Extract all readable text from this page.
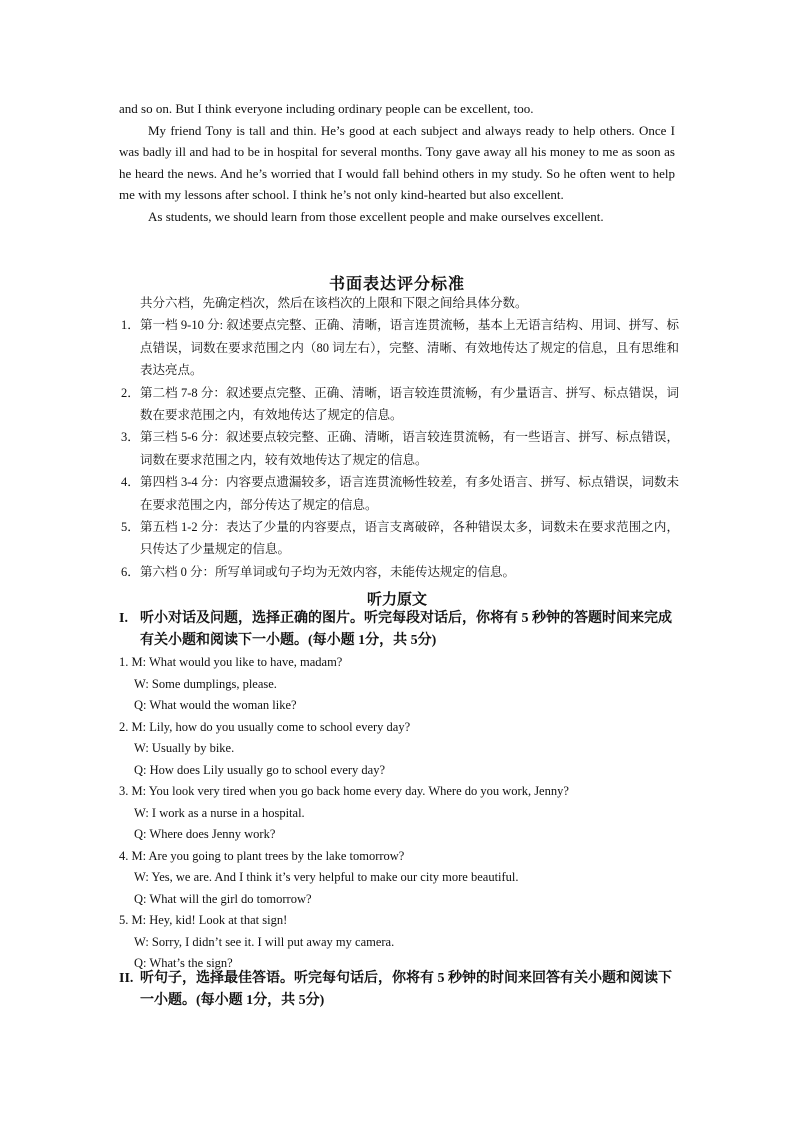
and so on. But I think everyone including ordinary people can be excellent, too.

My friend Tony is tall and thin. He’s good at each subject and always ready to help others. Once I was badly ill and had to be in hospital for several months. Tony gave away all his money to me as soon as he heard the news. And he’s worried that I would fall behind others in my study. So he often went to help me with my lessons after school. I think he’s not only kind-hearted but also excellent.

As students, we should learn from those excellent people and make ourselves excellent.

书面表达评分标准

共分六档，先确定档次，然后在该档次的上限和下限之间给具体分数。

1． 第一档 9-10 分: 叙述要点完整、正确、清晰，语言连贯流畅，基本上无语言结构、用词、拼写、标点错误，词数在要求范围之内（80 词左右），完整、清晰、有效地传达了规定的信息，且有思维和表达亮点。
2． 第二档 7-8 分：叙述要点完整、正确、清晰，语言较连贯流畅，有少量语言、拼写、标点错误，词数在要求范围之内，有效地传达了规定的信息。
3． 第三档 5-6 分：叙述要点较完整、正确、清晰，语言较连贯流畅，有一些语言、拼写、标点错误，词数在要求范围之内，较有效地传达了规定的信息。
4． 第四档 3-4 分：内容要点遗漏较多，语言连贯流畅性较差，有多处语言、拼写、标点错误，词数未在要求范围之内，部分传达了规定的信息。
5． 第五档 1-2 分：表达了少量的内容要点，语言支离破碎，各种错误太多，词数未在要求范围之内，只传达了少量规定的信息。
6． 第六档 0 分：所写单词或句子均为无效内容，未能传达规定的信息。
听力原文
I. 听小对话及问题，选择正确的图片。听完每段对话后，你将有 5 秒钟的答题时间来完成有关小题和阅读下一小题。(每小题 1分，共 5分)
1. M: What would you like to have, madam?
W: Some dumplings, please.
Q: What would the woman like?
2. M: Lily, how do you usually come to school every day?
W: Usually by bike.
Q: How does Lily usually go to school every day?
3. M: You look very tired when you go back home every day. Where do you work, Jenny?
W: I work as a nurse in a hospital.
Q: Where does Jenny work?
4. M: Are you going to plant trees by the lake tomorrow?
W: Yes, we are. And I think it’s very helpful to make our city more beautiful.
Q: What will the girl do tomorrow?
5. M: Hey, kid! Look at that sign!
W: Sorry, I didn’t see it. I will put away my camera.
Q: What’s the sign?
II. 听句子，选择最佳答语。听完每句话后，你将有 5 秒钟的时间来回答有关小题和阅读下一小题。(每小题 1分，共 5分)
